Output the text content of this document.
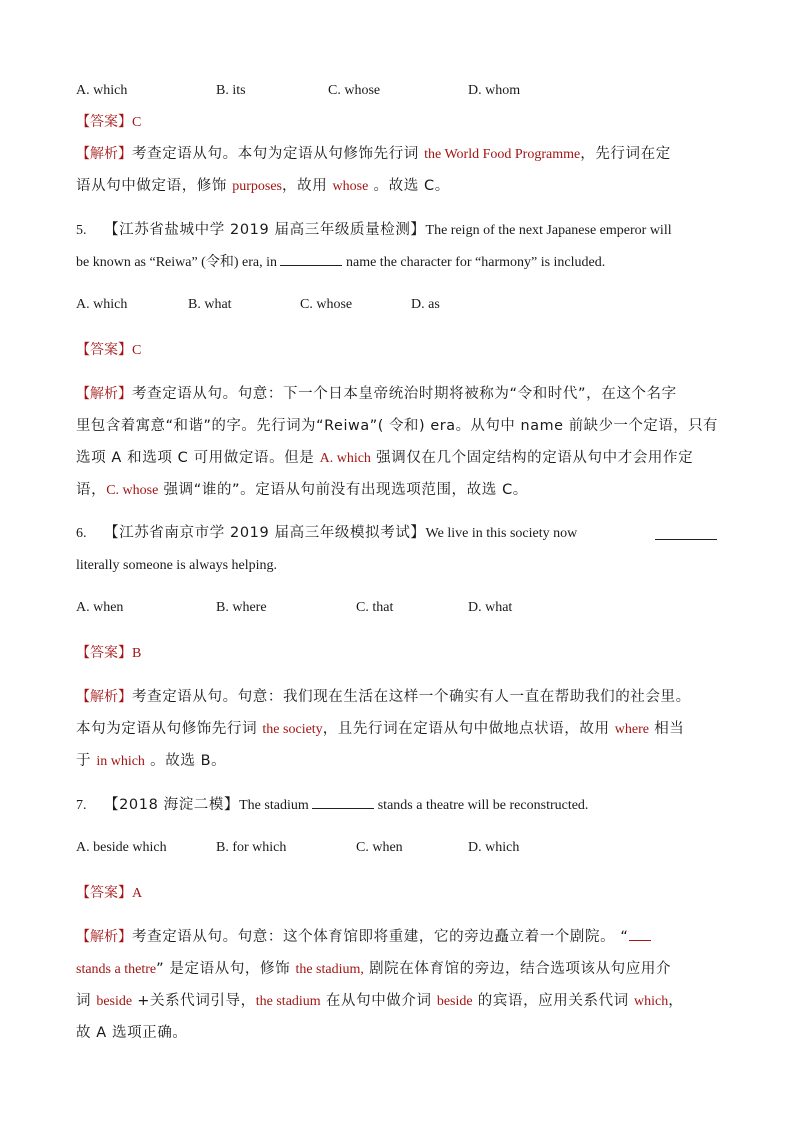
A. which	B. its	C. whose	D. whom
【答案】C
【解析】考查定语从句。本句为定语从句修饰先行词 the World Food Programme，先行词在定
语从句中做定语，修饰 purposes，故用 whose 。故选 C。
5. 【江苏省盐城中学 2019 届高三年级质量检测】The reign of the next Japanese emperor will
be known as “Reiwa” (令和) era, in	name the character for “harmony” is included.
A. which	B. what	C. whose	D. as
【答案】C
【解析】考查定语从句。句意：下一个日本皇帝统治时期将被称为“令和时代”，在这个名字
里包含着寓意“和谐”的字。先行词为“Reiwa”( 令和) era。从句中 name 前缺少一个定语，只有
选项 A 和选项 C 可用做定语。但是 A. which 强调仅在几个固定结构的定语从句中才会用作定
语，C. whose 强调“谁的”。定语从句前没有出现选项范围，故选 C。
6. 【江苏省南京市学 2019 届高三年级模拟考试】We live in this society now
literally someone is always helping.
A. when	B. where	C. that	D. what
【答案】B
【解析】考查定语从句。句意：我们现在生活在这样一个确实有人一直在帮助我们的社会里。
本句为定语从句修饰先行词 the society，且先行词在定语从句中做地点状语，故用 where 相当
于 in which 。故选 B。
7. 【2018 海淀二模】The stadium	stands a theatre will be reconstructed.
A. beside which	B. for which	C. when	D. which
【答案】A
【解析】考查定语从句。句意：这个体育馆即将重建，它的旁边矗立着一个剧院。 “
stands a thetre” 是定语从句，修饰 the stadium, 剧院在体育馆的旁边，结合选项该从句应用介
词 beside +关系代词引导，the stadium 在从句中做介词 beside 的宾语，应用关系代词 which，
故 A 选项正确。
